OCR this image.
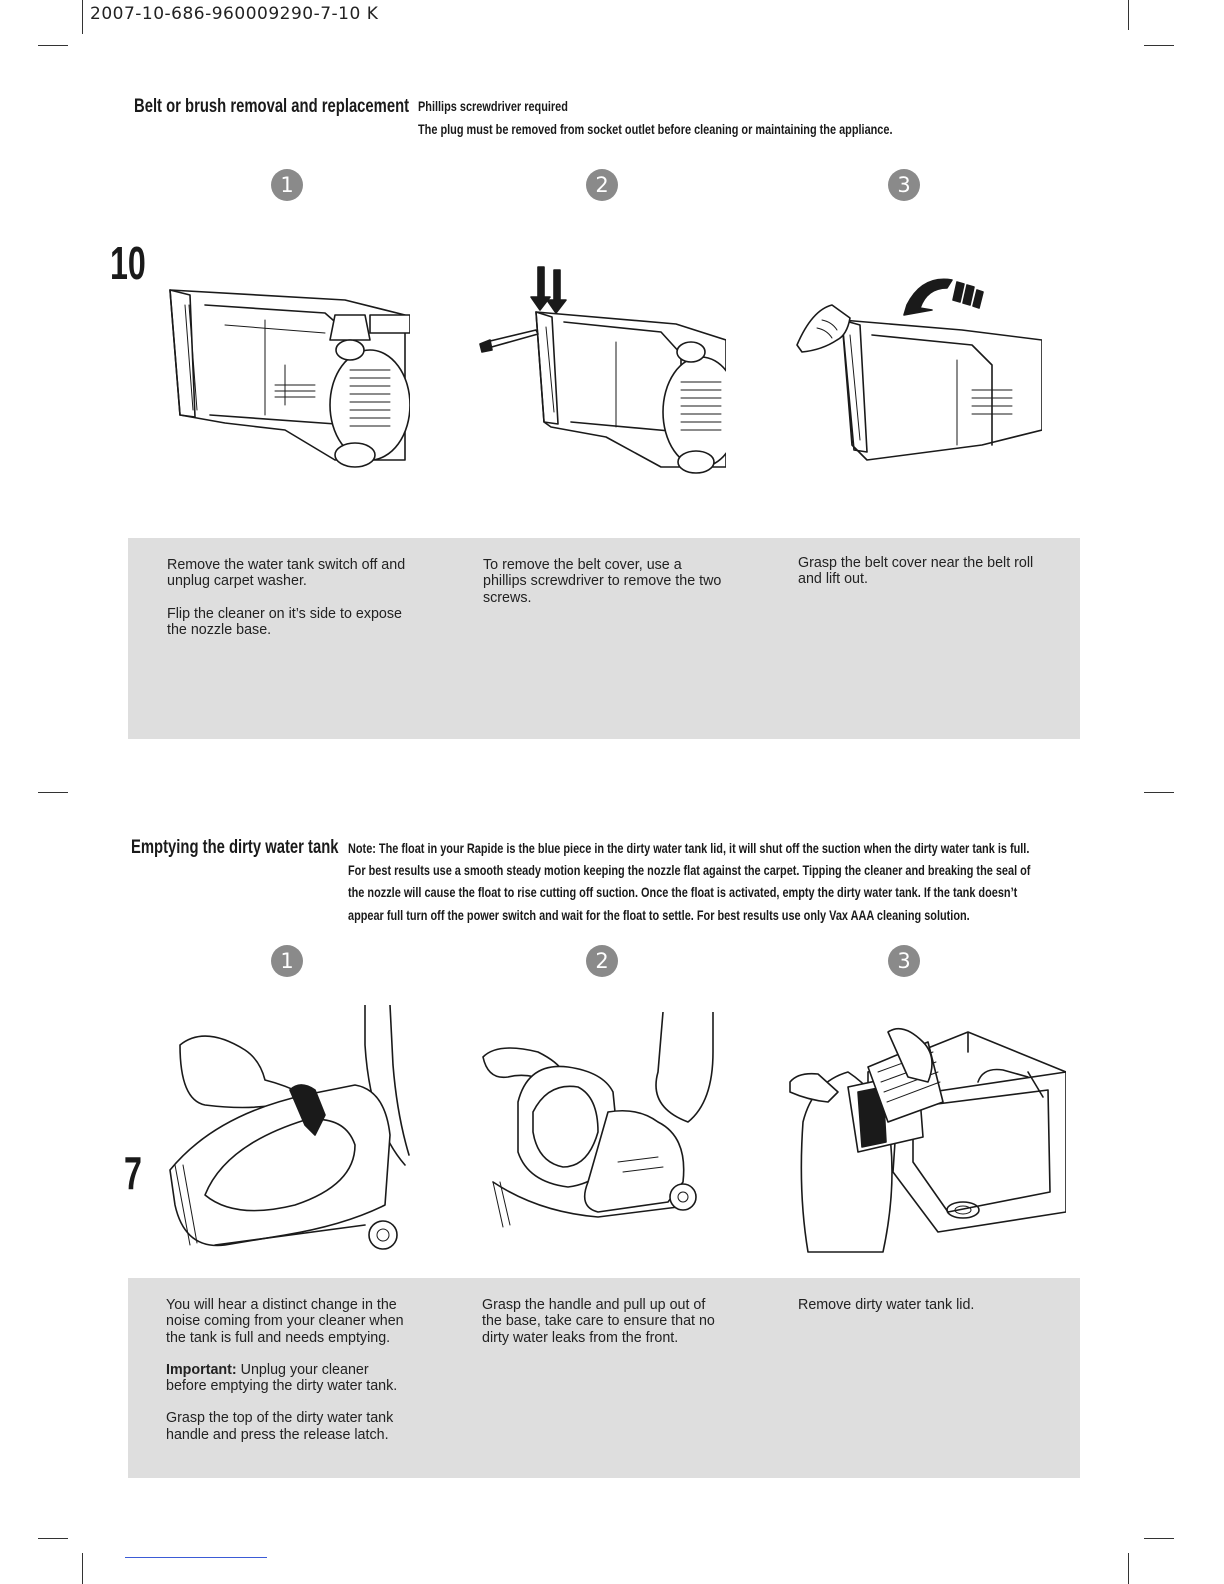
2007-10-686-960009290-7-10 K
Belt or brush removal and replacement Phillips screwdriver required
The plug must be removed from socket outlet before cleaning or maintaining the appliance.
10
1	2	3

Remove the water tank switch off and unplug carpet washer.

Flip the cleaner on it’s side to expose the nozzle base.

To remove the belt cover, use a phillips screwdriver to remove the two screws.

Grasp the belt cover near the belt roll and lift out.

Emptying the dirty water tank Note: The float in your Rapide is the blue piece in the dirty water tank lid, it will shut off the suction when the dirty water tank is full.
For best results use a smooth steady motion keeping the nozzle flat against the carpet. Tipping the cleaner and breaking the seal of
the nozzle will cause the float to rise cutting off suction. Once the float is activated, empty the dirty water tank. If the tank doesn’t
appear full turn off the power switch and wait for the float to settle. For best results use only Vax AAA cleaning solution.
7
1	2	3

You will hear a distinct change in the noise coming from your cleaner when the tank is full and needs emptying.

Important: Unplug your cleaner before emptying the dirty water tank.

Grasp the top of the dirty water tank handle and press the release latch.

Grasp the handle and pull up out of the base, take care to ensure that no dirty water leaks from the front.

Remove dirty water tank lid.
